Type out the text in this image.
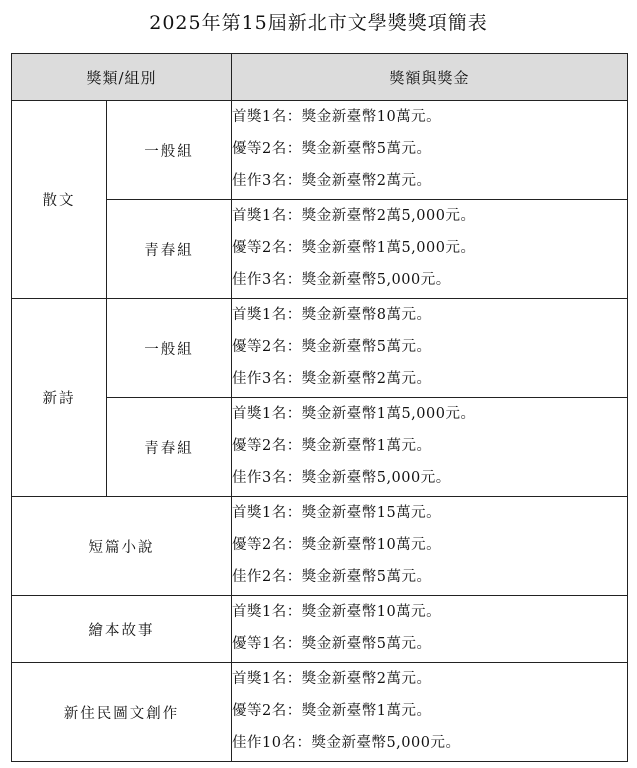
2025年第15屆新北市文學獎獎項簡表
獎類/組別		獎額與獎金
散文	一般組	首獎1名：獎金新臺幣10萬元。
優等2名：獎金新臺幣5萬元。
佳作3名：獎金新臺幣2萬元。

	青春組	首獎1名：獎金新臺幣2萬5,000元。
優等2名：獎金新臺幣1萬5,000元。
佳作3名：獎金新臺幣5,000元。

新詩	一般組	首獎1名：獎金新臺幣8萬元。
優等2名：獎金新臺幣5萬元。
佳作3名：獎金新臺幣2萬元。

	青春組	首獎1名：獎金新臺幣1萬5,000元。
優等2名：獎金新臺幣1萬元。
佳作3名：獎金新臺幣5,000元。

短篇小說		首獎1名：獎金新臺幣15萬元。
優等2名：獎金新臺幣10萬元。
佳作2名：獎金新臺幣5萬元。

繪本故事		首獎1名：獎金新臺幣10萬元。
優等1名：獎金新臺幣5萬元。

新住民圖文創作		首獎1名：獎金新臺幣2萬元。
優等2名：獎金新臺幣1萬元。
佳作10名：獎金新臺幣5,000元。
